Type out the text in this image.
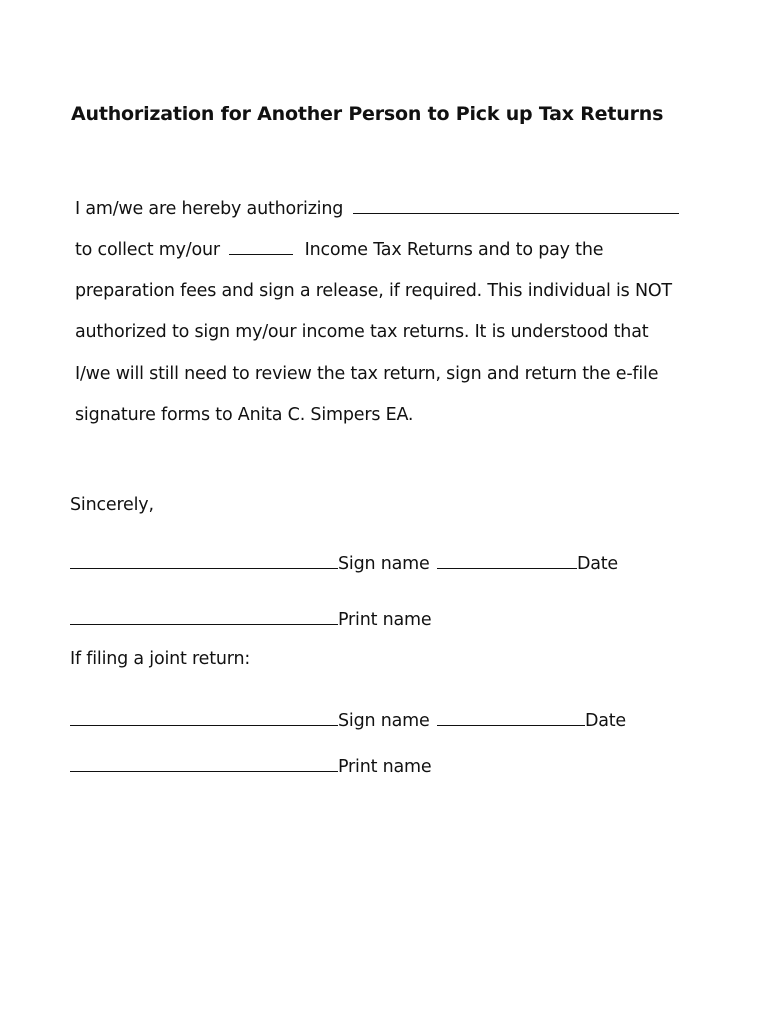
Authorization for Another Person to Pick up Tax Returns
I am/we are hereby authorizing
to collect my/our	Income Tax Returns and to pay the
preparation fees and sign a release, if required. This individual is NOT
authorized to sign my/our income tax returns. It is understood that
I/we will still need to review the tax return, sign and return the e-file
signature forms to Anita C. Simpers EA.
Sincerely,
Sign name	Date
Print name
If filing a joint return:
Sign name	Date
Print name
